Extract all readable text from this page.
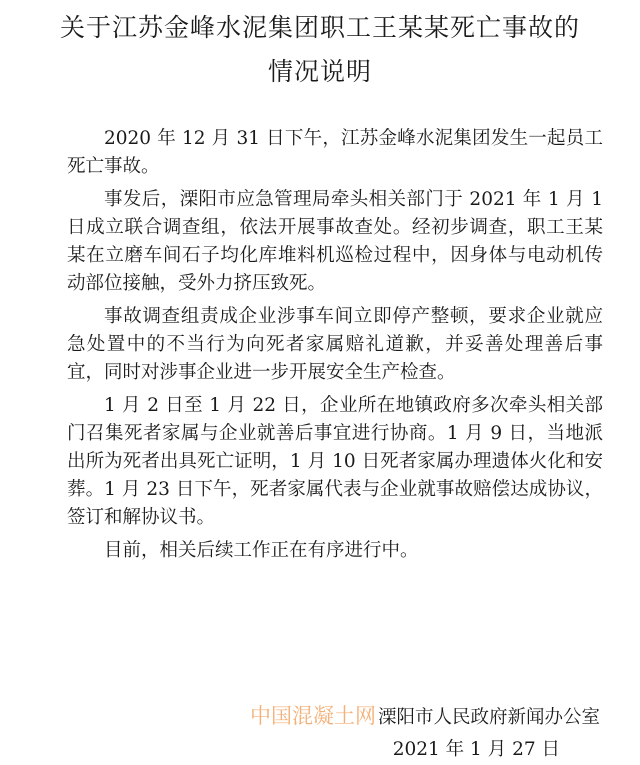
关于江苏金峰水泥集团职工王某某死亡事故的
情况说明

2020 年 12 月 31 日下午，江苏金峰水泥集团发生一起员工死亡事故。

事发后，溧阳市应急管理局牵头相关部门于 2021 年 1 月 1 日成立联合调查组，依法开展事故查处。经初步调查，职工王某某在立磨车间石子均化库堆料机巡检过程中，因身体与电动机传动部位接触，受外力挤压致死。

事故调查组责成企业涉事车间立即停产整顿，要求企业就应急处置中的不当行为向死者家属赔礼道歉，并妥善处理善后事宜，同时对涉事企业进一步开展安全生产检查。

1 月 2 日至 1 月 22 日，企业所在地镇政府多次牵头相关部门召集死者家属与企业就善后事宜进行协商。1 月 9 日，当地派出所为死者出具死亡证明，1 月 10 日死者家属办理遗体火化和安葬。1 月 23 日下午，死者家属代表与企业就事故赔偿达成协议，签订和解协议书。

目前，相关后续工作正在有序进行中。

溧阳市人民政府新闻办公室
2021 年 1 月 27 日
中国混凝土网
